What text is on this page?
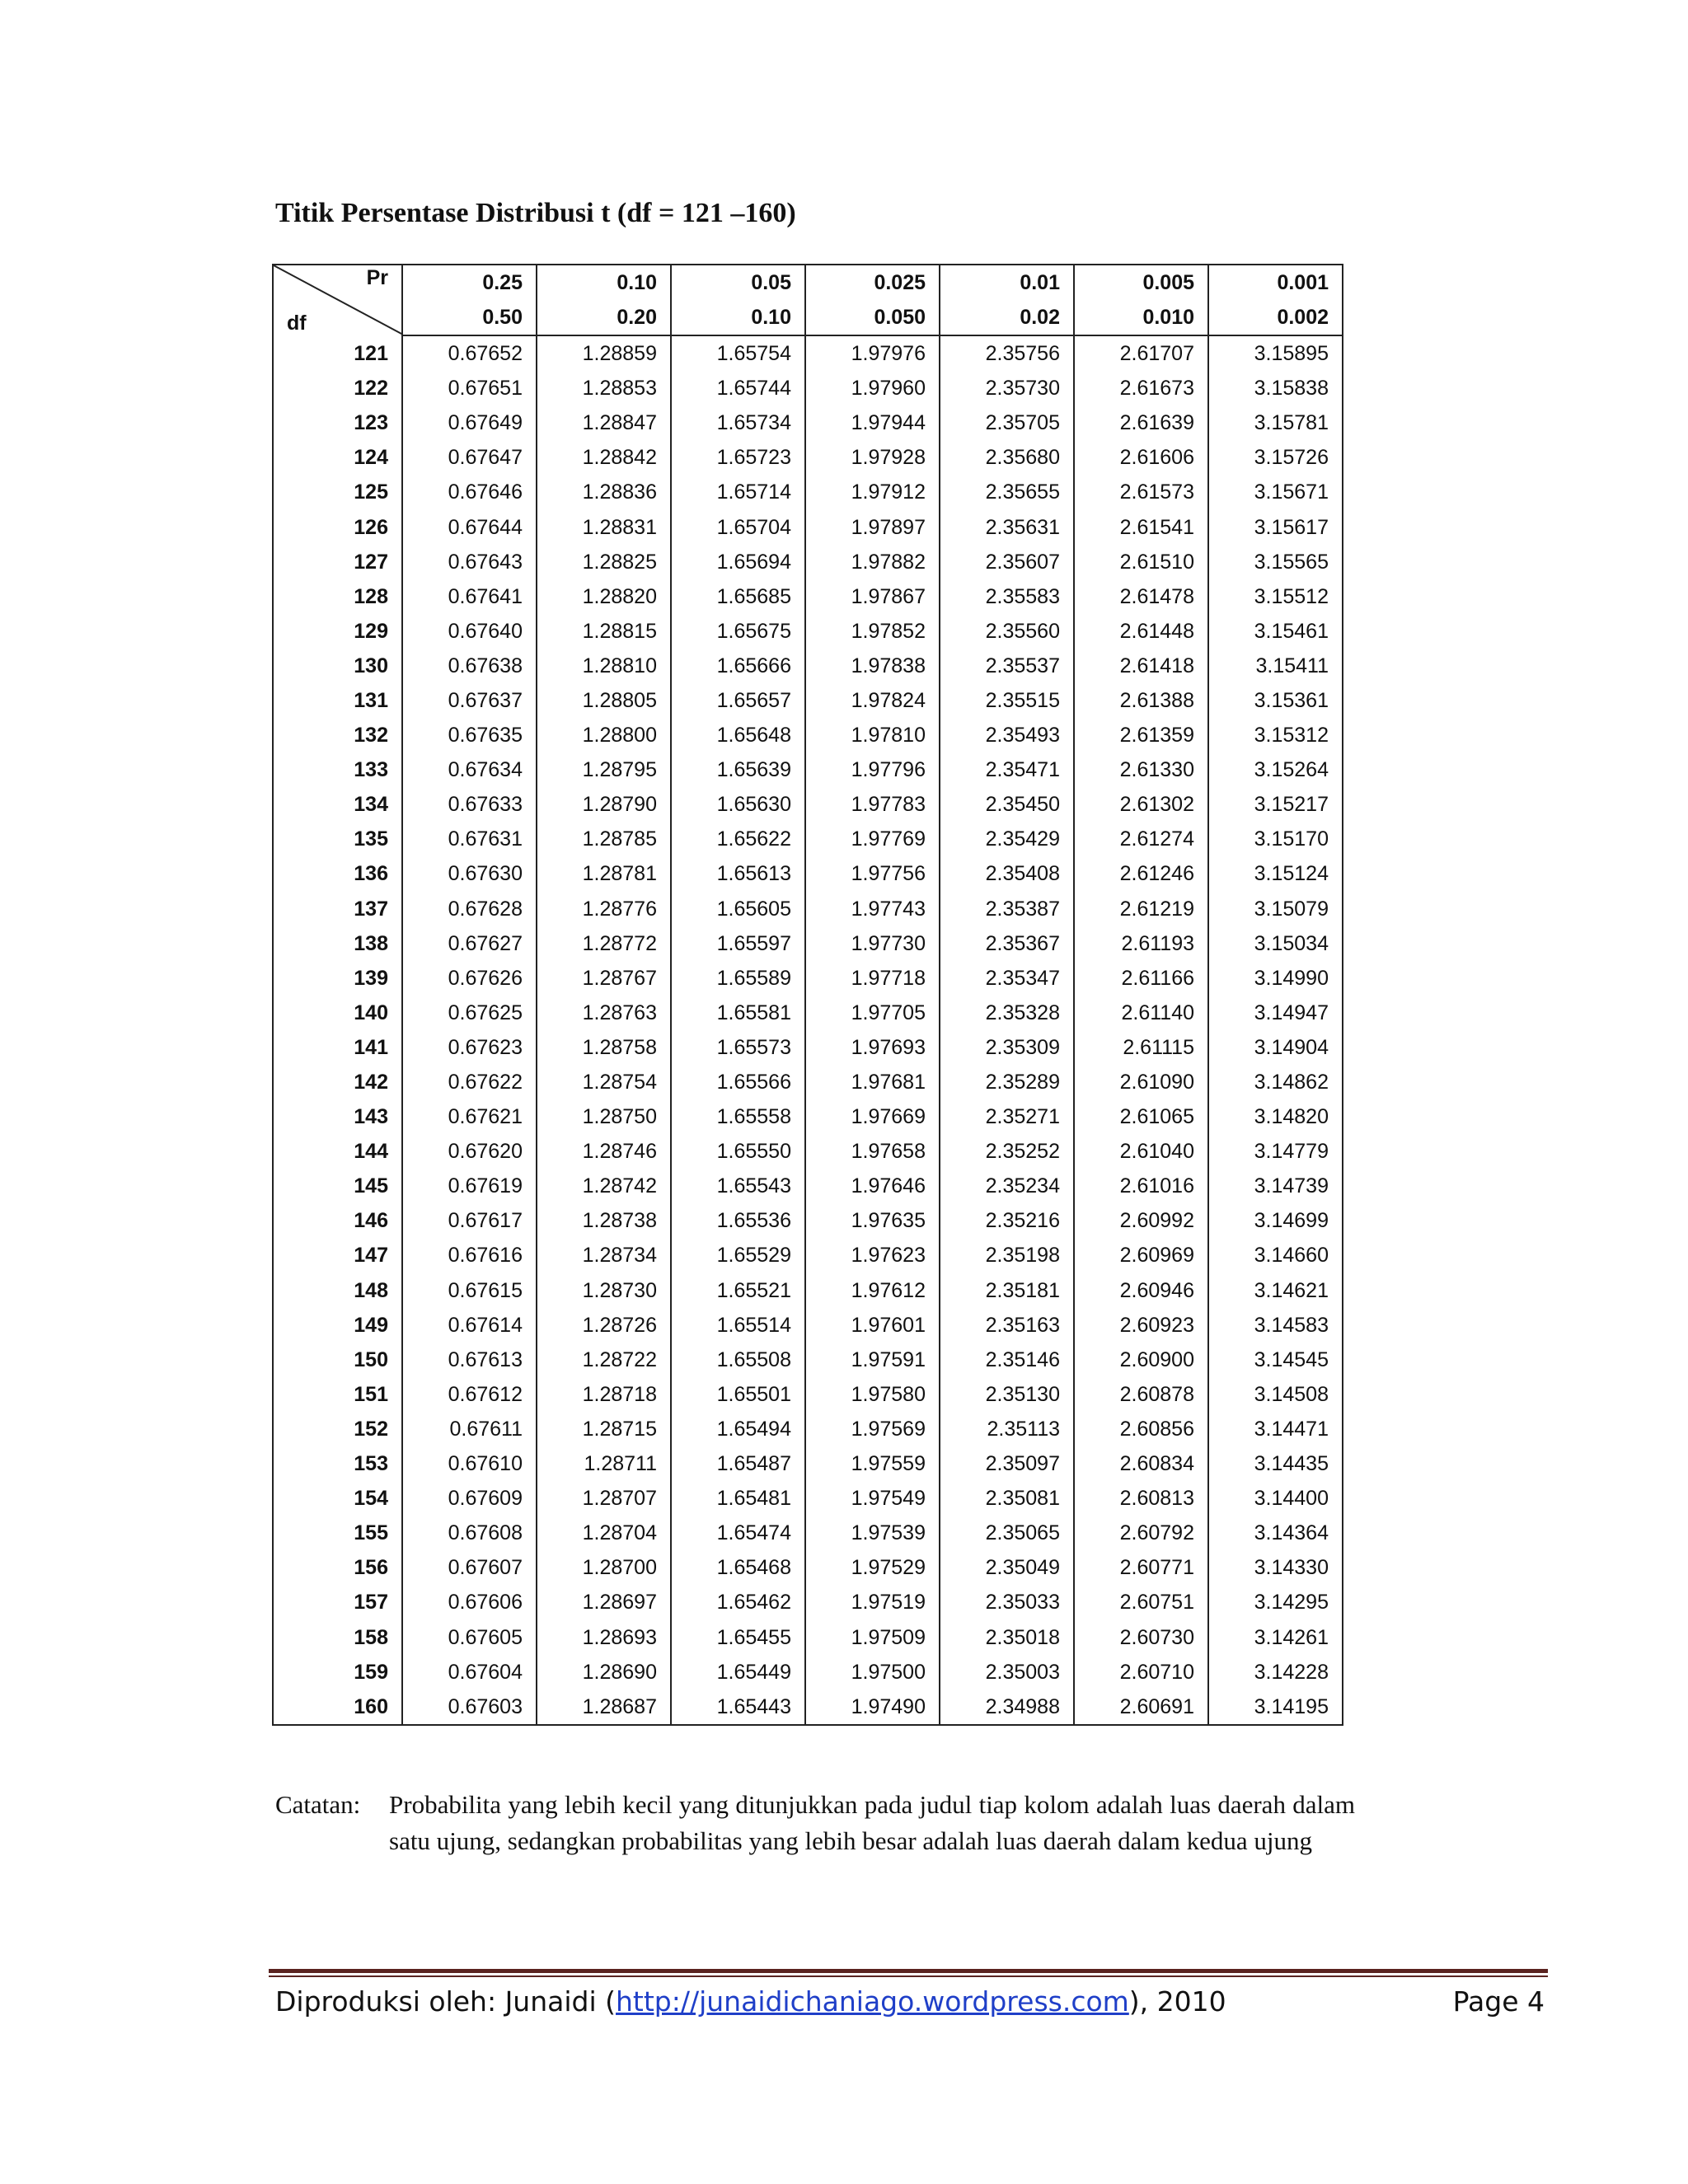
Titik Persentase Distribusi t (df = 121 –160)
Pr
df	0.25	0.10	0.05	0.025	0.01	0.005	0.001
	0.50	0.20	0.10	0.050	0.02	0.010	0.002
121	0.67652	1.28859	1.65754	1.97976	2.35756	2.61707	3.15895
122	0.67651	1.28853	1.65744	1.97960	2.35730	2.61673	3.15838
123	0.67649	1.28847	1.65734	1.97944	2.35705	2.61639	3.15781
124	0.67647	1.28842	1.65723	1.97928	2.35680	2.61606	3.15726
125	0.67646	1.28836	1.65714	1.97912	2.35655	2.61573	3.15671
126	0.67644	1.28831	1.65704	1.97897	2.35631	2.61541	3.15617
127	0.67643	1.28825	1.65694	1.97882	2.35607	2.61510	3.15565
128	0.67641	1.28820	1.65685	1.97867	2.35583	2.61478	3.15512
129	0.67640	1.28815	1.65675	1.97852	2.35560	2.61448	3.15461
130	0.67638	1.28810	1.65666	1.97838	2.35537	2.61418	3.15411
131	0.67637	1.28805	1.65657	1.97824	2.35515	2.61388	3.15361
132	0.67635	1.28800	1.65648	1.97810	2.35493	2.61359	3.15312
133	0.67634	1.28795	1.65639	1.97796	2.35471	2.61330	3.15264
134	0.67633	1.28790	1.65630	1.97783	2.35450	2.61302	3.15217
135	0.67631	1.28785	1.65622	1.97769	2.35429	2.61274	3.15170
136	0.67630	1.28781	1.65613	1.97756	2.35408	2.61246	3.15124
137	0.67628	1.28776	1.65605	1.97743	2.35387	2.61219	3.15079
138	0.67627	1.28772	1.65597	1.97730	2.35367	2.61193	3.15034
139	0.67626	1.28767	1.65589	1.97718	2.35347	2.61166	3.14990
140	0.67625	1.28763	1.65581	1.97705	2.35328	2.61140	3.14947
141	0.67623	1.28758	1.65573	1.97693	2.35309	2.61115	3.14904
142	0.67622	1.28754	1.65566	1.97681	2.35289	2.61090	3.14862
143	0.67621	1.28750	1.65558	1.97669	2.35271	2.61065	3.14820
144	0.67620	1.28746	1.65550	1.97658	2.35252	2.61040	3.14779
145	0.67619	1.28742	1.65543	1.97646	2.35234	2.61016	3.14739
146	0.67617	1.28738	1.65536	1.97635	2.35216	2.60992	3.14699
147	0.67616	1.28734	1.65529	1.97623	2.35198	2.60969	3.14660
148	0.67615	1.28730	1.65521	1.97612	2.35181	2.60946	3.14621
149	0.67614	1.28726	1.65514	1.97601	2.35163	2.60923	3.14583
150	0.67613	1.28722	1.65508	1.97591	2.35146	2.60900	3.14545
151	0.67612	1.28718	1.65501	1.97580	2.35130	2.60878	3.14508
152	0.67611	1.28715	1.65494	1.97569	2.35113	2.60856	3.14471
153	0.67610	1.28711	1.65487	1.97559	2.35097	2.60834	3.14435
154	0.67609	1.28707	1.65481	1.97549	2.35081	2.60813	3.14400
155	0.67608	1.28704	1.65474	1.97539	2.35065	2.60792	3.14364
156	0.67607	1.28700	1.65468	1.97529	2.35049	2.60771	3.14330
157	0.67606	1.28697	1.65462	1.97519	2.35033	2.60751	3.14295
158	0.67605	1.28693	1.65455	1.97509	2.35018	2.60730	3.14261
159	0.67604	1.28690	1.65449	1.97500	2.35003	2.60710	3.14228
160	0.67603	1.28687	1.65443	1.97490	2.34988	2.60691	3.14195
Catatan: Probabilita yang lebih kecil yang ditunjukkan pada judul tiap kolom adalah luas daerah dalam satu ujung, sedangkan probabilitas yang lebih besar adalah luas daerah dalam kedua ujung
Diproduksi oleh: Junaidi (http://junaidichaniago.wordpress.com), 2010	Page 4
